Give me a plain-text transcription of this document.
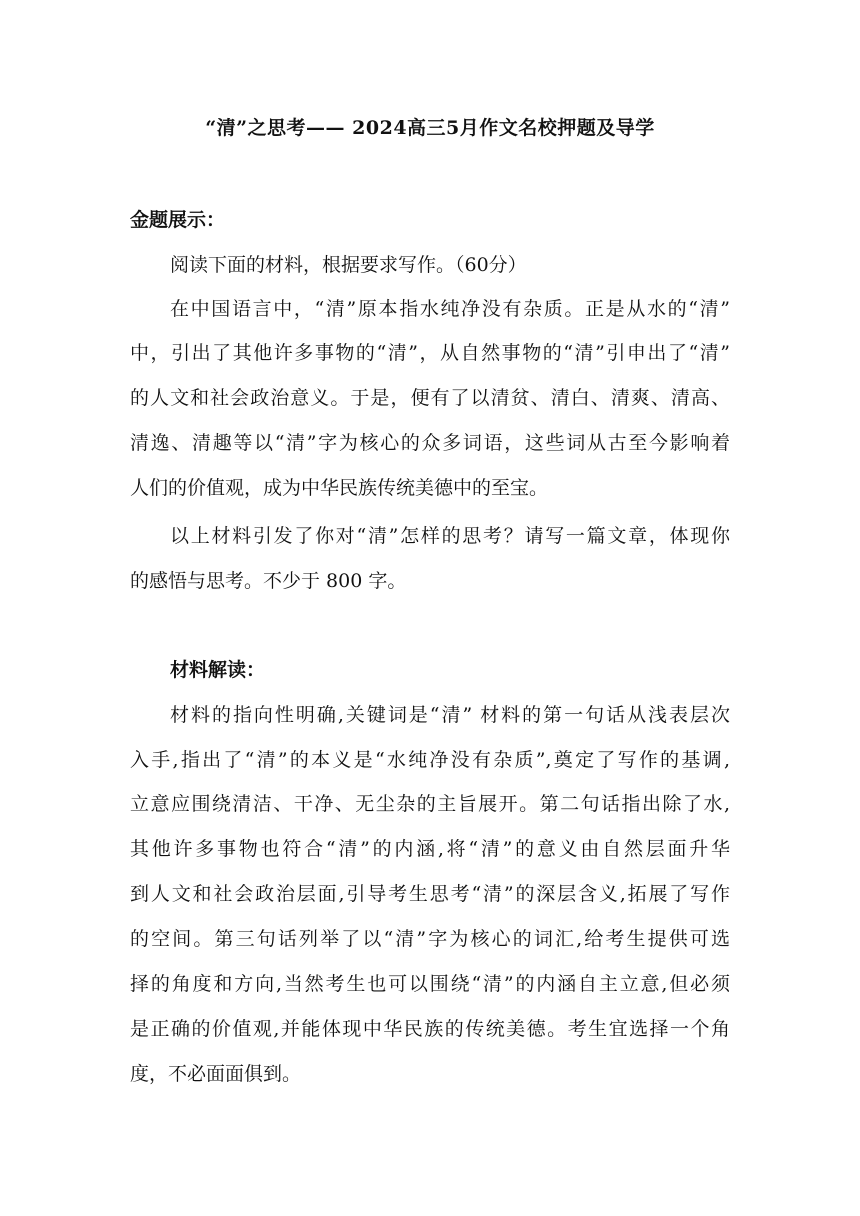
“清”之思考—— 2024高三5月作文名校押题及导学
金题展示：
阅读下面的材料，根据要求写作。（60分）
在中国语言中，“清”原本指水纯净没有杂质。正是从水的“清”
中，引出了其他许多事物的“清”，从自然事物的“清”引申出了“清”
的人文和社会政治意义。于是，便有了以清贫、清白、清爽、清高、
清逸、清趣等以“清”字为核心的众多词语，这些词从古至今影响着
人们的价值观，成为中华民族传统美德中的至宝。
以上材料引发了你对“清”怎样的思考？请写一篇文章，体现你
的感悟与思考。不少于 800 字。
材料解读：
材料的指向性明确,关键词是“清” 材料的第一句话从浅表层次
入手,指出了“清”的本义是“水纯净没有杂质”,奠定了写作的基调,
立意应围绕清洁、干净、无尘杂的主旨展开。第二句话指出除了水,
其他许多事物也符合“清”的内涵,将“清”的意义由自然层面升华
到人文和社会政治层面,引导考生思考“清”的深层含义,拓展了写作
的空间。第三句话列举了以“清”字为核心的词汇,给考生提供可选
择的角度和方向,当然考生也可以围绕“清”的内涵自主立意,但必须
是正确的价值观,并能体现中华民族的传统美德。考生宜选择一个角
度，不必面面俱到。
